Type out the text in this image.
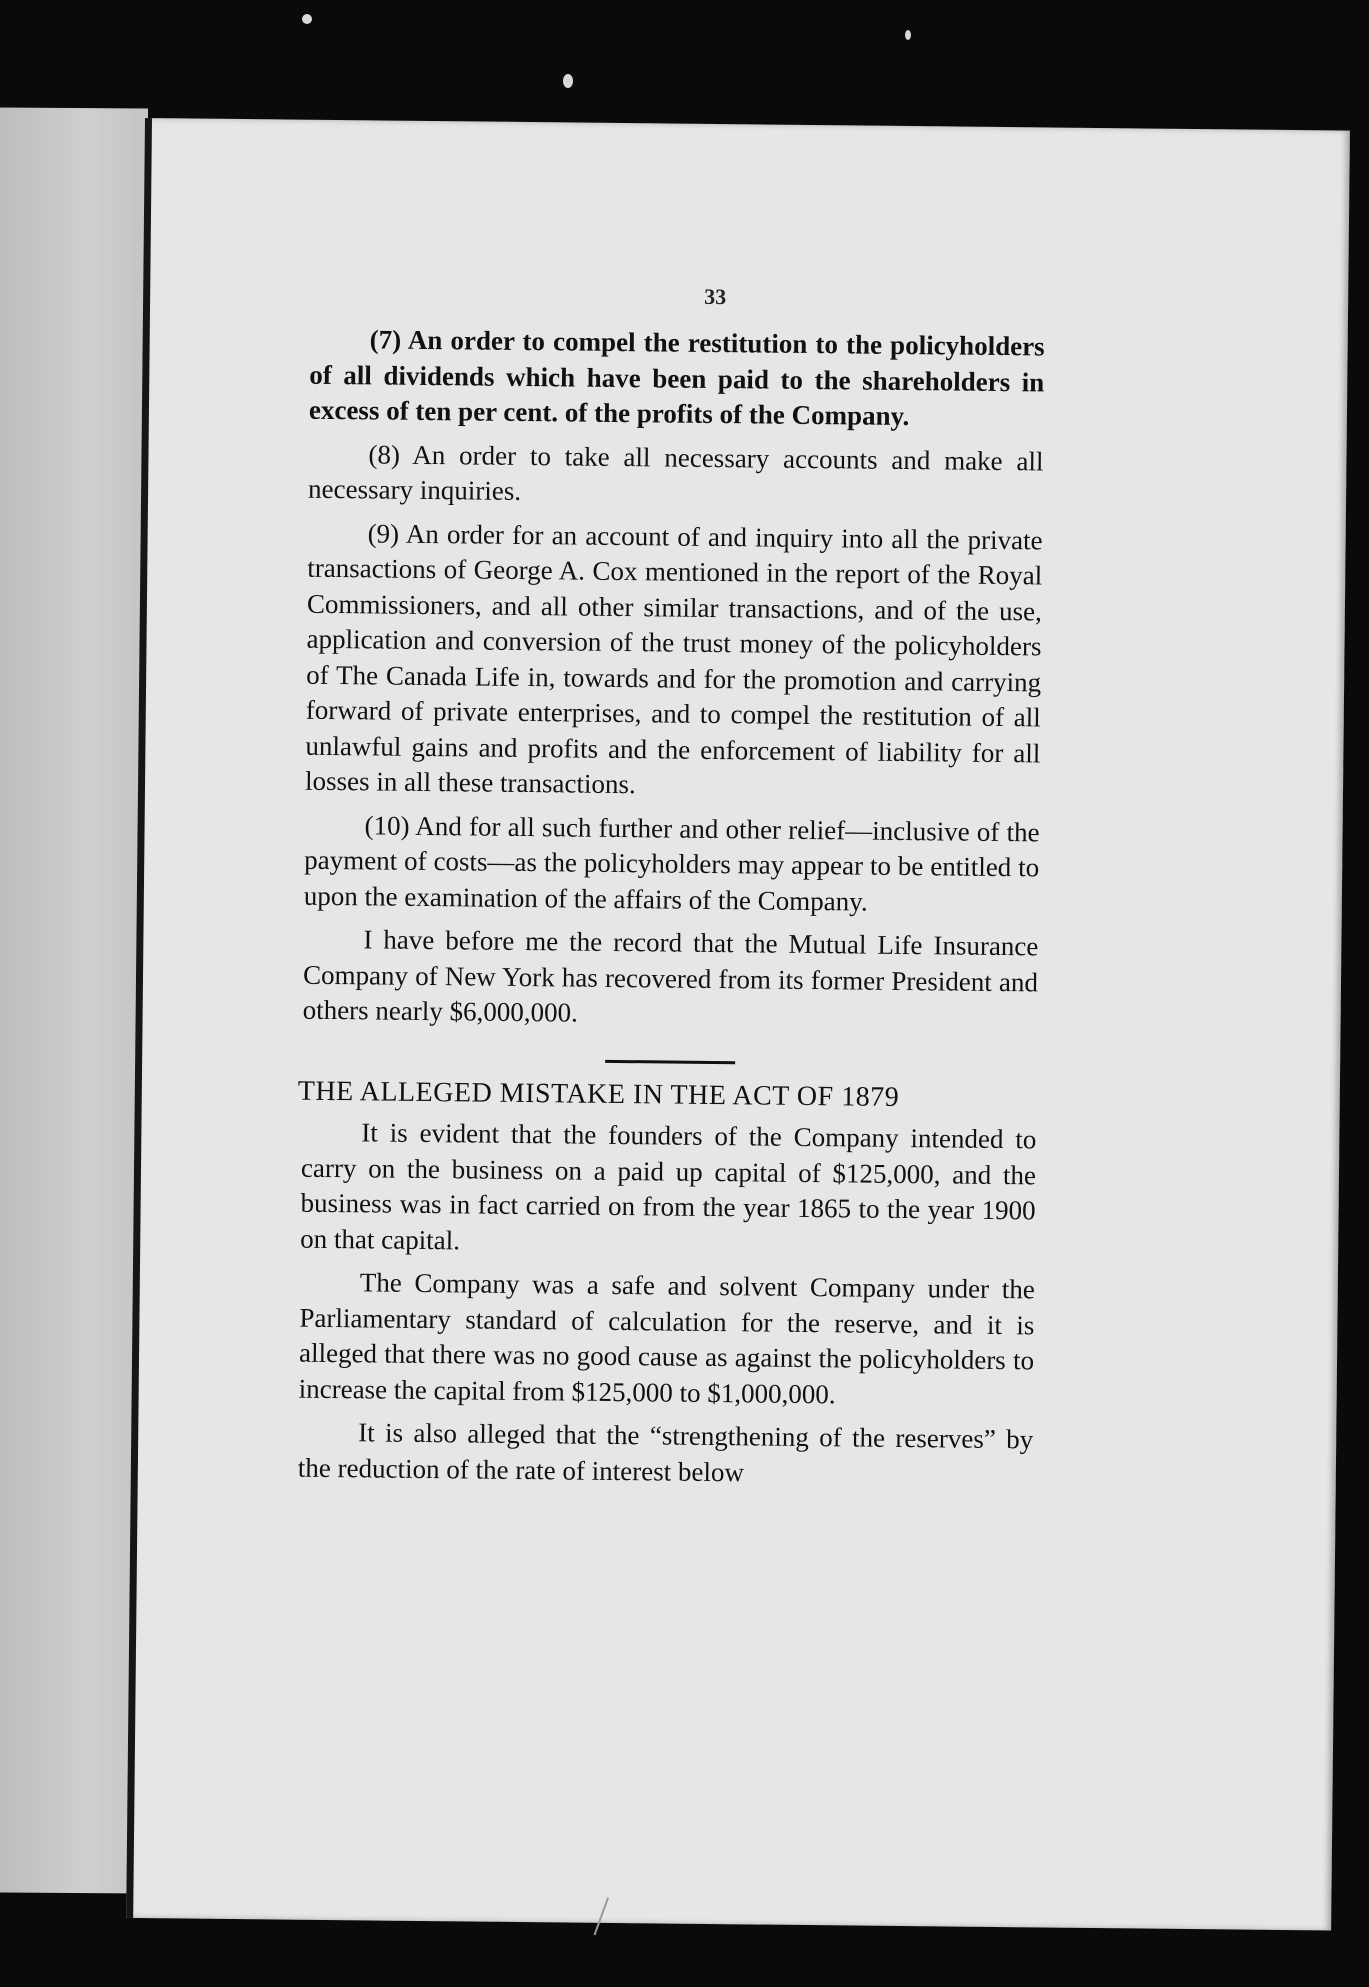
33

(7) An order to compel the restitution to the policyholders of all dividends which have been paid to the shareholders in excess of ten per cent. of the profits of the Company.

(8) An order to take all necessary accounts and make all necessary inquiries.

(9) An order for an account of and inquiry into all the private transactions of George A. Cox mentioned in the report of the Royal Commissioners, and all other similar transactions, and of the use, application and conversion of the trust money of the policyholders of The Canada Life in, towards and for the promotion and carrying forward of private enterprises, and to compel the restitution of all unlawful gains and profits and the enforcement of liability for all losses in all these transactions.

(10) And for all such further and other relief—inclusive of the payment of costs—as the policyholders may appear to be entitled to upon the examination of the affairs of the Company.

I have before me the record that the Mutual Life Insurance Company of New York has recovered from its former President and others nearly $6,000,000.

THE ALLEGED MISTAKE IN THE ACT OF 1879

It is evident that the founders of the Company intended to carry on the business on a paid up capital of $125,000, and the business was in fact carried on from the year 1865 to the year 1900 on that capital.

The Company was a safe and solvent Company under the Parliamentary standard of calculation for the reserve, and it is alleged that there was no good cause as against the policyholders to increase the capital from $125,000 to $1,000,000.

It is also alleged that the “strengthening of the reserves” by the reduction of the rate of interest below
